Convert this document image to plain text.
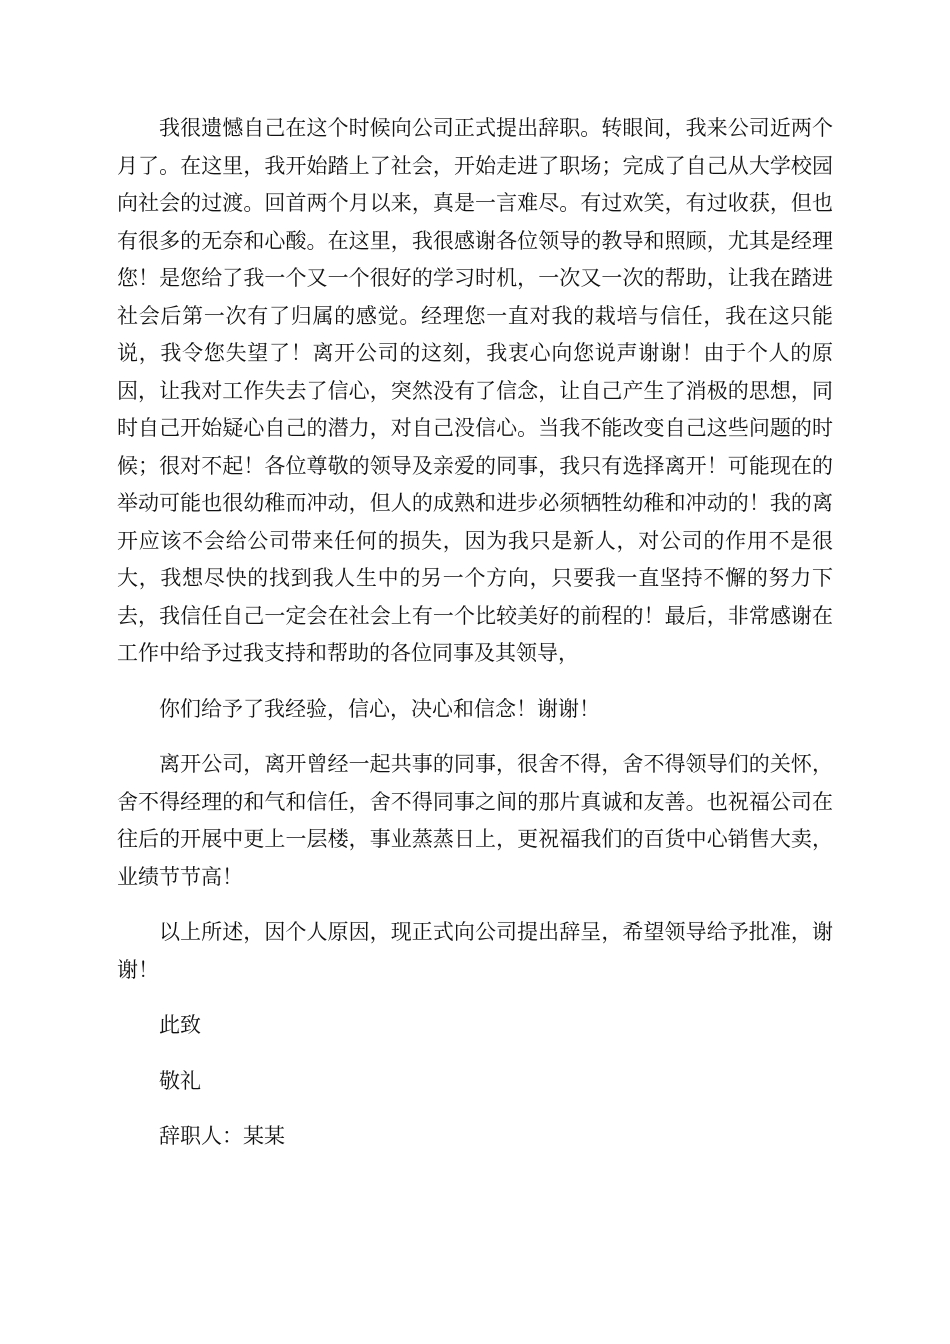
我很遗憾自己在这个时候向公司正式提出辞职。转眼间，我来公司近两个月了。在这里，我开始踏上了社会，开始走进了职场；完成了自己从大学校园向社会的过渡。回首两个月以来，真是一言难尽。有过欢笑，有过收获，但也有很多的无奈和心酸。在这里，我很感谢各位领导的教导和照顾，尤其是经理您！是您给了我一个又一个很好的学习时机，一次又一次的帮助，让我在踏进社会后第一次有了归属的感觉。经理您一直对我的栽培与信任，我在这只能说，我令您失望了！离开公司的这刻，我衷心向您说声谢谢！由于个人的原因，让我对工作失去了信心，突然没有了信念，让自己产生了消极的思想，同时自己开始疑心自己的潜力，对自己没信心。当我不能改变自己这些问题的时候；很对不起！各位尊敬的领导及亲爱的同事，我只有选择离开！可能现在的举动可能也很幼稚而冲动，但人的成熟和进步必须牺牲幼稚和冲动的！我的离开应该不会给公司带来任何的损失，因为我只是新人，对公司的作用不是很大，我想尽快的找到我人生中的另一个方向，只要我一直坚持不懈的努力下去，我信任自己一定会在社会上有一个比较美好的前程的！最后，非常感谢在工作中给予过我支持和帮助的各位同事及其领导，

你们给予了我经验，信心，决心和信念！谢谢！

离开公司，离开曾经一起共事的同事，很舍不得，舍不得领导们的关怀，舍不得经理的和气和信任，舍不得同事之间的那片真诚和友善。也祝福公司在往后的开展中更上一层楼，事业蒸蒸日上，更祝福我们的百货中心销售大卖，业绩节节高！

以上所述，因个人原因，现正式向公司提出辞呈，希望领导给予批准，谢谢！

此致

敬礼

辞职人：某某
